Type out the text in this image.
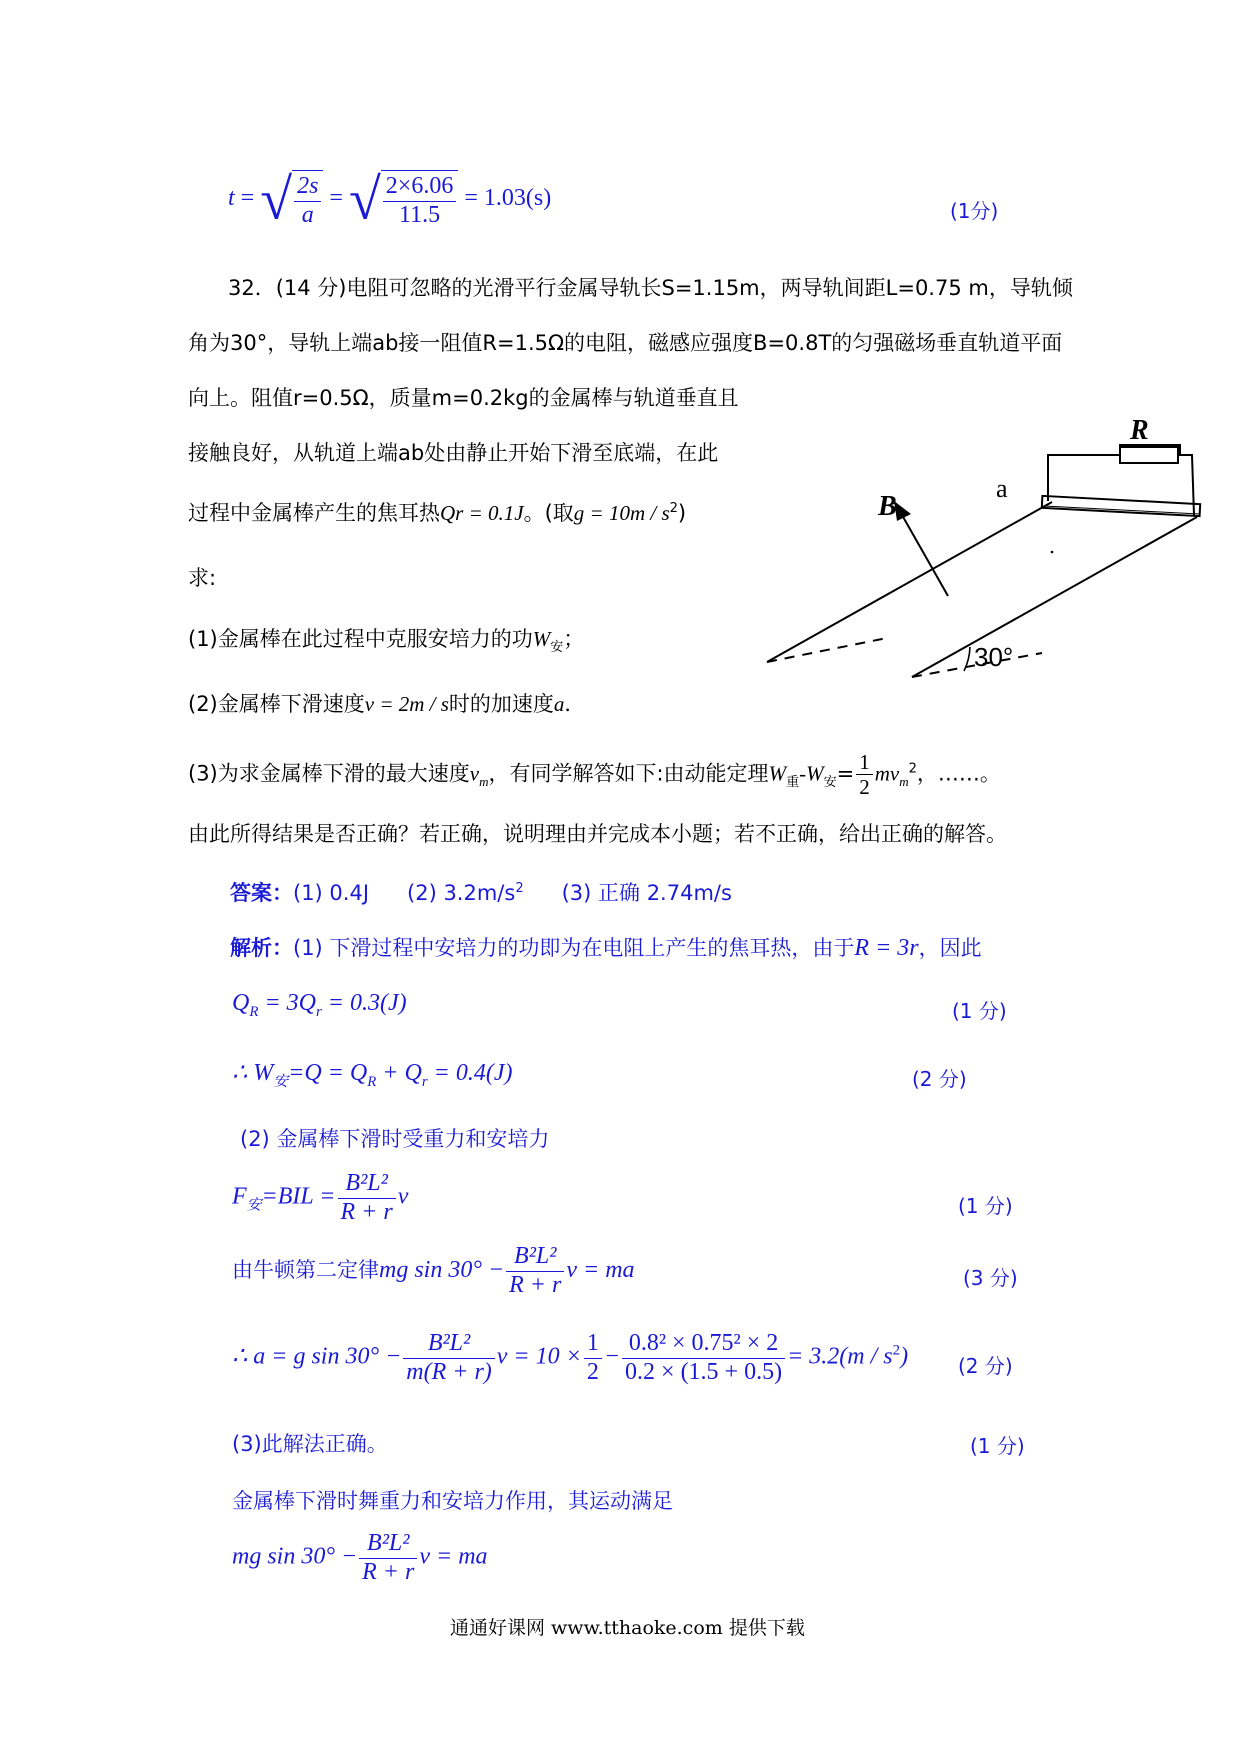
t = √ $\frac{2s}{a}$ = √ $\frac{2\times 6.06}{11.5} = 1.03(s)$	(1分)
32．(14 分)电阻可忽略的光滑平行金属导轨长S=1.15m，两导轨间距L=0.75 m，导轨倾
角为30°，导轨上端ab接一阻值R=1.5Ω的电阻，磁感应强度B=0.8T的匀强磁场垂直轨道平面
向上。阻值r=0.5Ω，质量m=0.2kg的金属棒与轨道垂直且
接触良好，从轨道上端ab处由静止开始下滑至底端，在此
过程中金属棒产生的焦耳热Qr = 0.1J。(取$g = 10m / s^2$)
求:
(1)金属棒在此过程中克服安培力的功$W_安$；
(2)金属棒下滑速度v = 2m / s时的加速度a．
(3)为求金属棒下滑的最大速度$v_m$，有同学解答如下:由动能定理$W_重-W_安= \frac{1}{2} mv_m^2$，……。
由此所得结果是否正确？若正确，说明理由并完成本小题；若不正确，给出正确的解答。
R
B
a
30°
答案：(1) 0.4J (2) $3.2m/s^2$ (3) 正确 2.74m/s
解析：(1) 下滑过程中安培力的功即为在电阻上产生的焦耳热，由于R = 3r，因此
$Q_R = 3Q_r = 0.3(J)$	(1 分)
∴ $W_安=Q = Q_R + Q_r = 0.4(J)$	(2 分)
(2) 金属棒下滑时受重力和安培力
$F_安=BIL = \frac{\text{B²L²}}{R + r}$ v	(1 分)
由牛顿第二定律mg $\sin 30^\circ - \frac{\text{B²L²}}{R + r}$ v = ma	(3 分)
∴ a = g $\sin 30^\circ - \frac{\text{B²L²}}{m(R + r)}$ $v = 10 \times \frac{1}{2} - \frac{\text{0.8² × 0.75² × 2}}{0.2 \times (1.5 + 0.5)} = 3.2(m / s^2)$ (2 分)
(3)此解法正确。	(1 分)
金属棒下滑时舞重力和安培力作用，其运动满足
mg $\sin 30^\circ - \frac{\text{B²L²}}{R + r}$ v = ma
通通好课网 www.tthaoke.com 提供下载
